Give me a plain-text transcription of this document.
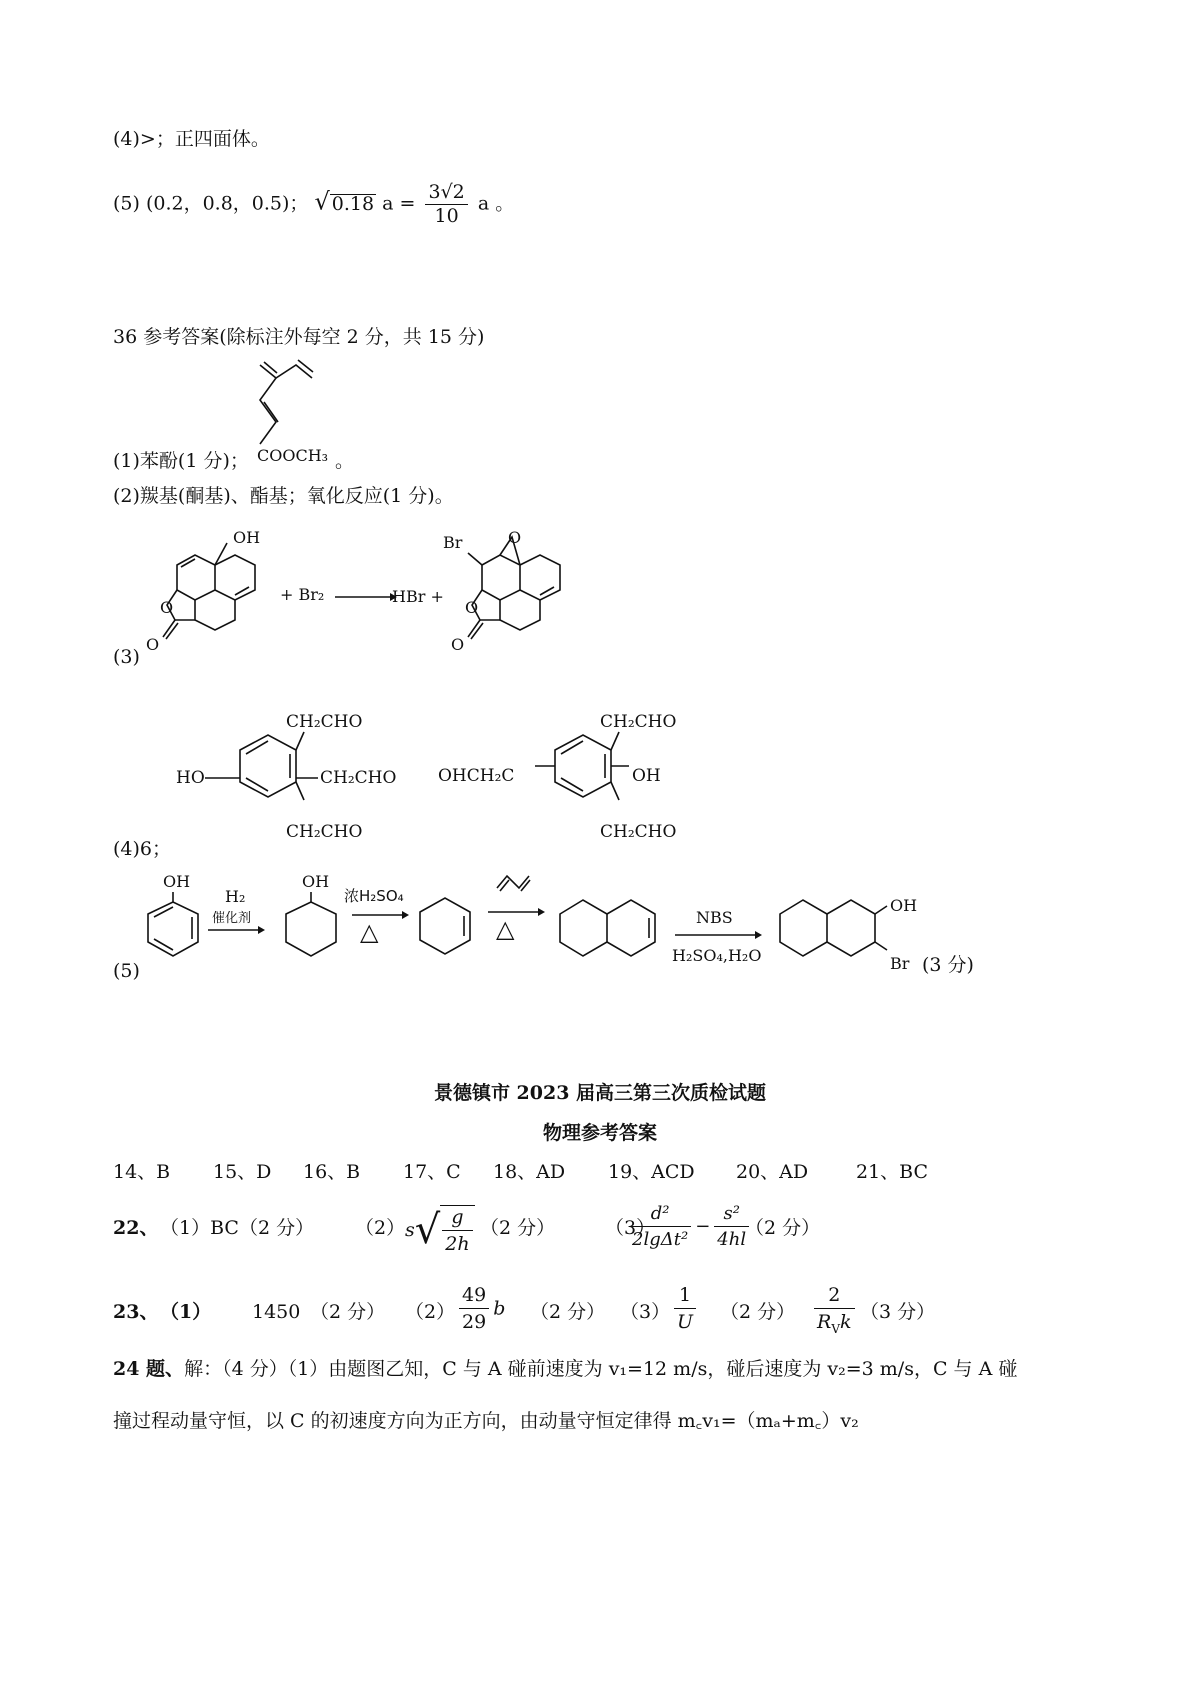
(4)>；正四面体。
(5) (0.2，0.8，0.5)； √ 0.18 $a = \frac{3√2}{10}$ a 。
36 参考答案(除标注外每空 2 分，共 15 分)
(1)苯酚(1 分)； COOCH₃ 。
(2)羰基(酮基)、酯基；氧化反应(1 分)。
OH
O
O
(3)
+ Br₂ →
HBr +
Br	O
O
O
CH₂CHO
HO	CH₂CHO
CH₂CHO
CH₂CHO
OHCH₂C	OH
CH₂CHO
(4)6；
(5)
OH
H₂
催化剂
OH
浓H₂SO₄
△	△	NBS
H₂SO₄,H₂O
OH
Br (3 分)
景德镇市 2023 届高三第三次质检试题
物理参考答案
14、B 15、D 16、B 17、C 18、AD 19、ACD 20、AD	21、BC
22、 （1）BC（2 分） （2） $s√ \frac{g}{2h} (2$ 分）	（3）
$\frac{\text{d²}}{\text{2lgΔt²}} - \frac{\text{s²}}{4hl}$
（2 分）
23、 （1） 1450 （2 分） $(2) \frac{49}{29}$ b （2 分） $(3) \frac{1}{U} (2$ 分） $\frac{2}{R_Vk} (3$ 分）
24 题、解：（4 分）（1）由题图乙知，C 与 A 碰前速度为 v₁=12 m/s，碰后速度为 v₂=3 m/s，C 与 A 碰
撞过程动量守恒，以 C 的初速度方向为正方向，由动量守恒定律得 m꜀v₁=（mₐ+m꜀）v₂
